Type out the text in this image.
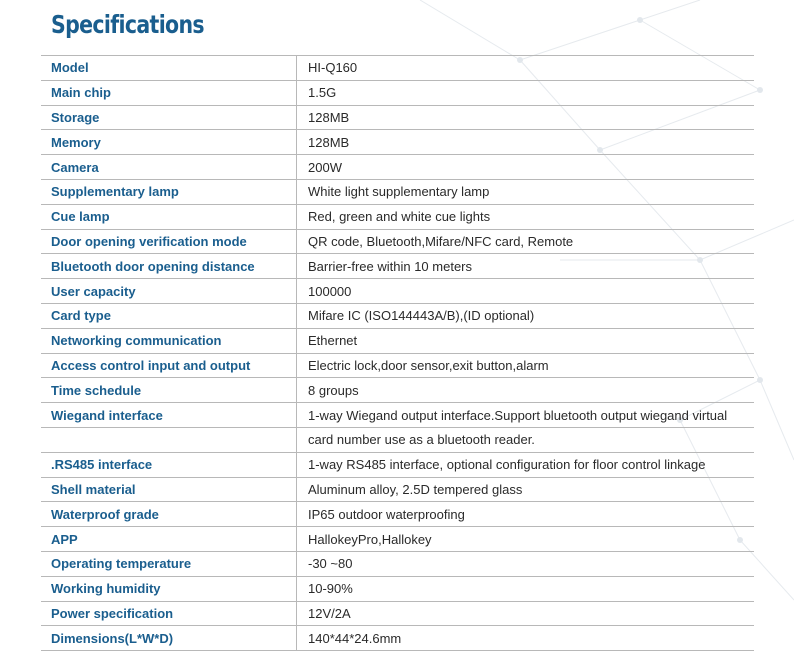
Specifications
Model	HI-Q160
Main chip	1.5G
Storage	128MB
Memory	128MB
Camera	200W
Supplementary lamp	White light supplementary lamp
Cue lamp	Red, green and white cue lights
Door opening verification mode	QR code, Bluetooth,Mifare/NFC card, Remote
Bluetooth door opening distance	Barrier-free within 10 meters
User capacity	100000
Card type	Mifare IC (ISO144443A/B),(ID optional)
Networking communication	Ethernet
Access control input and output	Electric lock,door sensor,exit button,alarm
Time schedule	8 groups
Wiegand interface	1-way Wiegand output interface.Support bluetooth output wiegand virtual
	card number use as a bluetooth reader.
.RS485 interface	1-way RS485 interface, optional configuration for floor control linkage
Shell material	Aluminum alloy, 2.5D tempered glass
Waterproof grade	IP65 outdoor waterproofing
APP	HallokeyPro,Hallokey
Operating temperature	-30 ~80
Working humidity	10-90%
Power specification	12V/2A
Dimensions(L*W*D)	140*44*24.6mm
